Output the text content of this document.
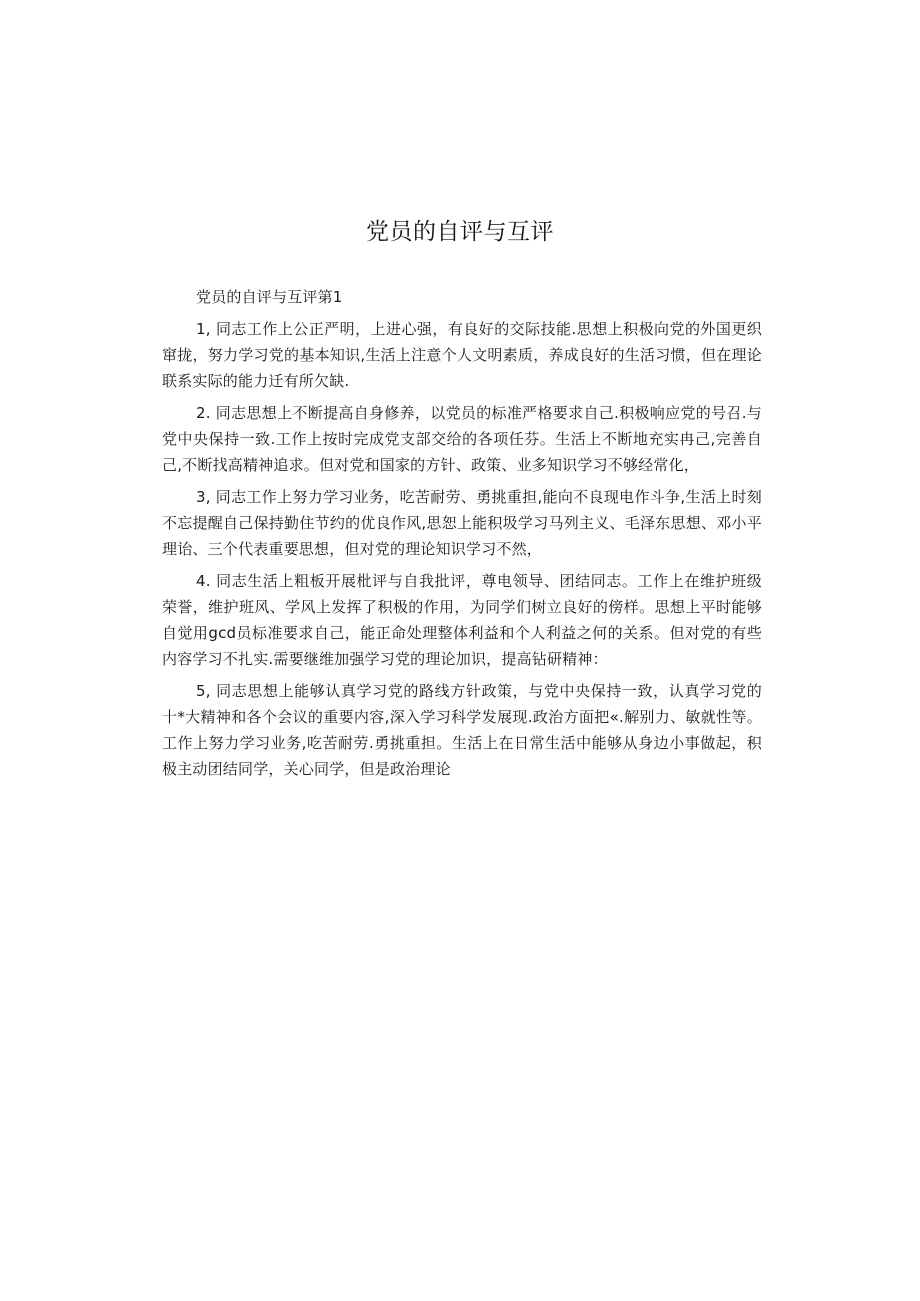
党员的自评与互评

党员的自评与互评第1

1, 同志工作上公正严明，上进心强，有良好的交际技能.思想上积极向党的外国更织窜拢，努力学习党的基本知识,生活上注意个人文明素质，养成良好的生活习惯，但在理论联系实际的能力迁有所欠缺.

2. 同志思想上不断提高自身修养，以党员的标准严格要求自己.积极响应党的号召.与党中央保持一致.工作上按时完成党支部交给的各项任芬。生活上不断地充实冉己,完善自己,不断找高精神追求。但对党和国家的方针、政策、业多知识学习不够经常化，

3, 同志工作上努力学习业务，吃苦耐劳、勇挑重担,能向不良现电作斗争,生活上时刻不忘提醒自己保持勤住节约的优良作风,思恕上能积圾学习马列主义、毛泽东思想、邓小平理诒、三个代表重要思想，但对党的理论知识学习不然，

4. 同志生活上粗板开展枇评与自我批评，尊电领导、团结同志。工作上在维护班级荣誉，维护班风、学风上发挥了积极的作用，为同学们树立良好的傍样。思想上平时能够自觉用gcd员标准要求自己，能正命处理整体利益和个人利益之何的关系。但对党的有些内容学习不扎实.需要继维加强学习党的理论加识，提高钻研精神：

5, 同志思想上能够认真学习党的路线方针政策，与党中央保持一致，认真学习党的十*大精神和各个会议的重要内容,深入学习科学发展现.政治方面把«.解别力、敏就性等。工作上努力学习业务,吃苦耐劳.勇挑重担。生活上在日常生活中能够从身边小事做起，积极主动团结同学，关心同学，但是政治理论
